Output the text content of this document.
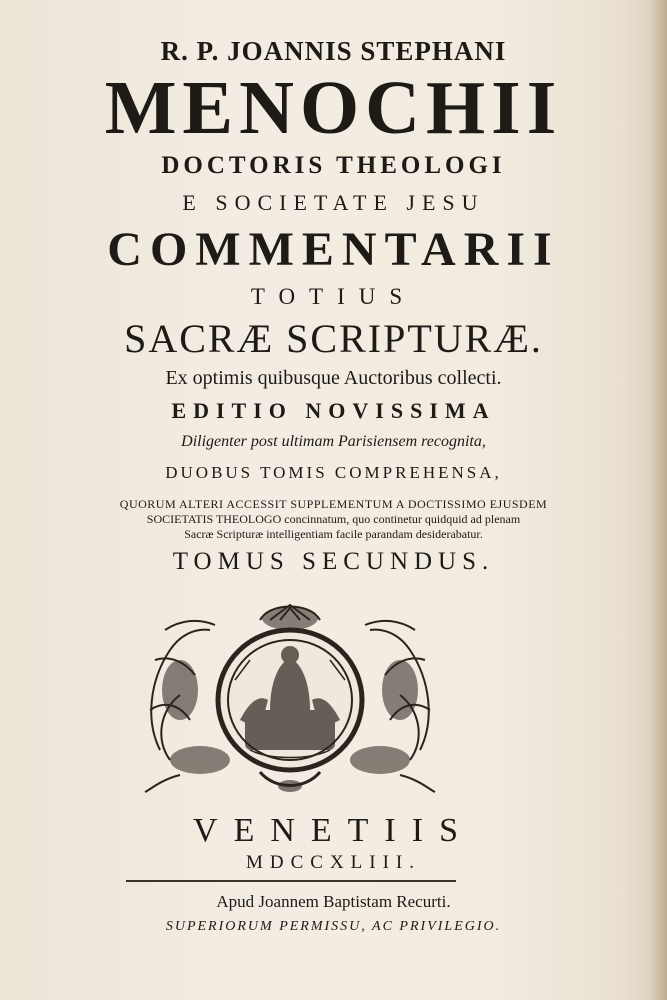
R. P. JOANNIS STEPHANI
MENOCHII
DOCTORIS THEOLOGI
E SOCIETATE JESU
COMMENTARII
TOTIUS
SACRÆ SCRIPTURÆ.
Ex optimis quibusque Auctoribus collecti.
EDITIO NOVISSIMA
Diligenter post ultimam Parisiensem recognita,
DUOBUS TOMIS COMPREHENSA,
QUORUM ALTERI ACCESSIT SUPPLEMENTUM A DOCTISSIMO EJUSDEM
SOCIETATIS THEOLOGO concinnatum, quo continetur quidquid ad plenam
Sacræ Scripturæ intelligentiam facile parandam desiderabatur.
TOMUS SECUNDUS.
VENETIIS
MDCCXLIII.
Apud Joannem Baptistam Recurti.
SUPERIORUM PERMISSU, AC PRIVILEGIO.
